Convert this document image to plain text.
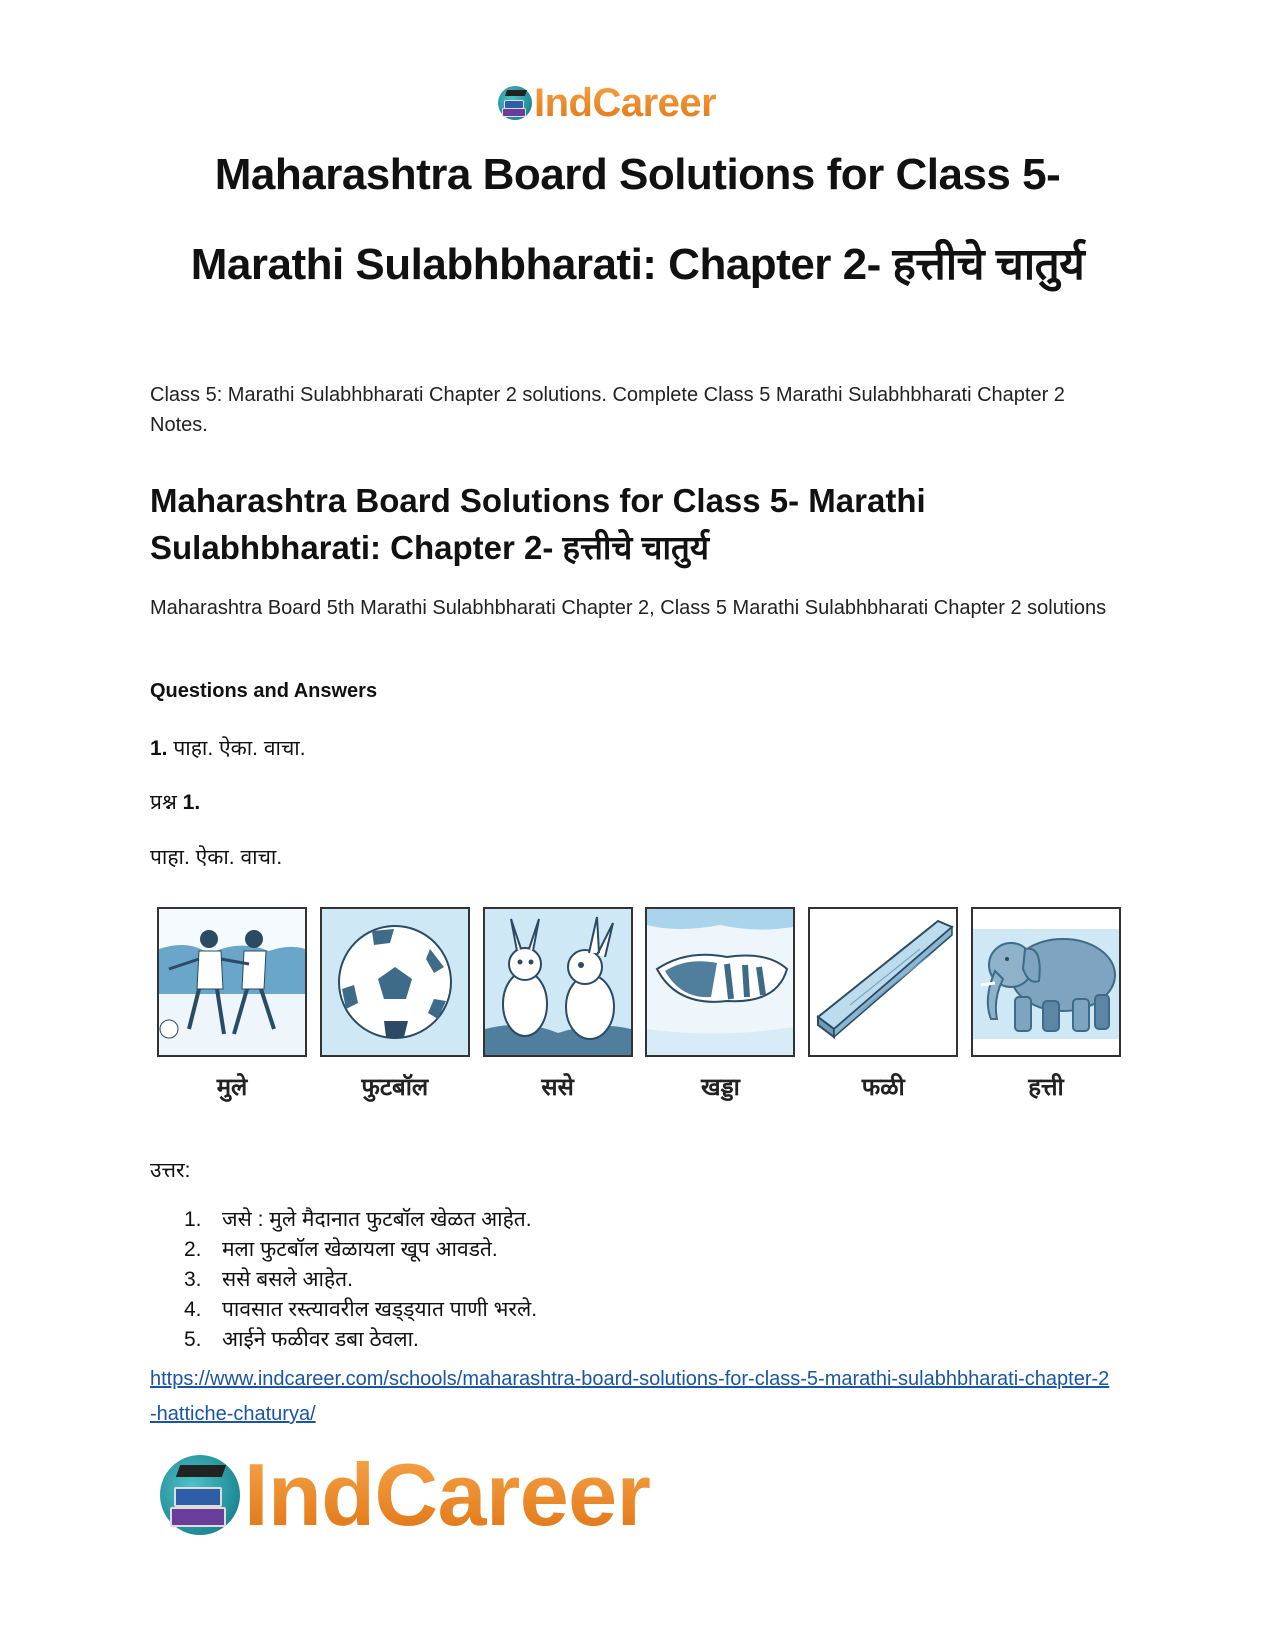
IndCareer
Maharashtra Board Solutions for Class 5-
Marathi Sulabhbharati: Chapter 2- हत्तीचे चातुर्य
Class 5: Marathi Sulabhbharati Chapter 2 solutions. Complete Class 5 Marathi Sulabhbharati Chapter 2 Notes.
Maharashtra Board Solutions for Class 5- Marathi Sulabhbharati: Chapter 2- हत्तीचे चातुर्य
Maharashtra Board 5th Marathi Sulabhbharati Chapter 2, Class 5 Marathi Sulabhbharati Chapter 2 solutions
Questions and Answers
1. पाहा. ऐका. वाचा.
प्रश्न 1.
पाहा. ऐका. वाचा.
मुले	फुटबॉल	ससे	खड्डा	फळी	हत्ती
उत्तर:
1. जसे : मुले मैदानात फुटबॉल खेळत आहेत.
2. मला फुटबॉल खेळायला खूप आवडते.
3. ससे बसले आहेत.
4. पावसात रस्त्यावरील खड्ड्यात पाणी भरले.
5. आईने फळीवर डबा ठेवला.
https://www.indcareer.com/schools/maharashtra-board-solutions-for-class-5-marathi-sulabhbharati-chapter-2-hattiche-chaturya/
IndCareer
